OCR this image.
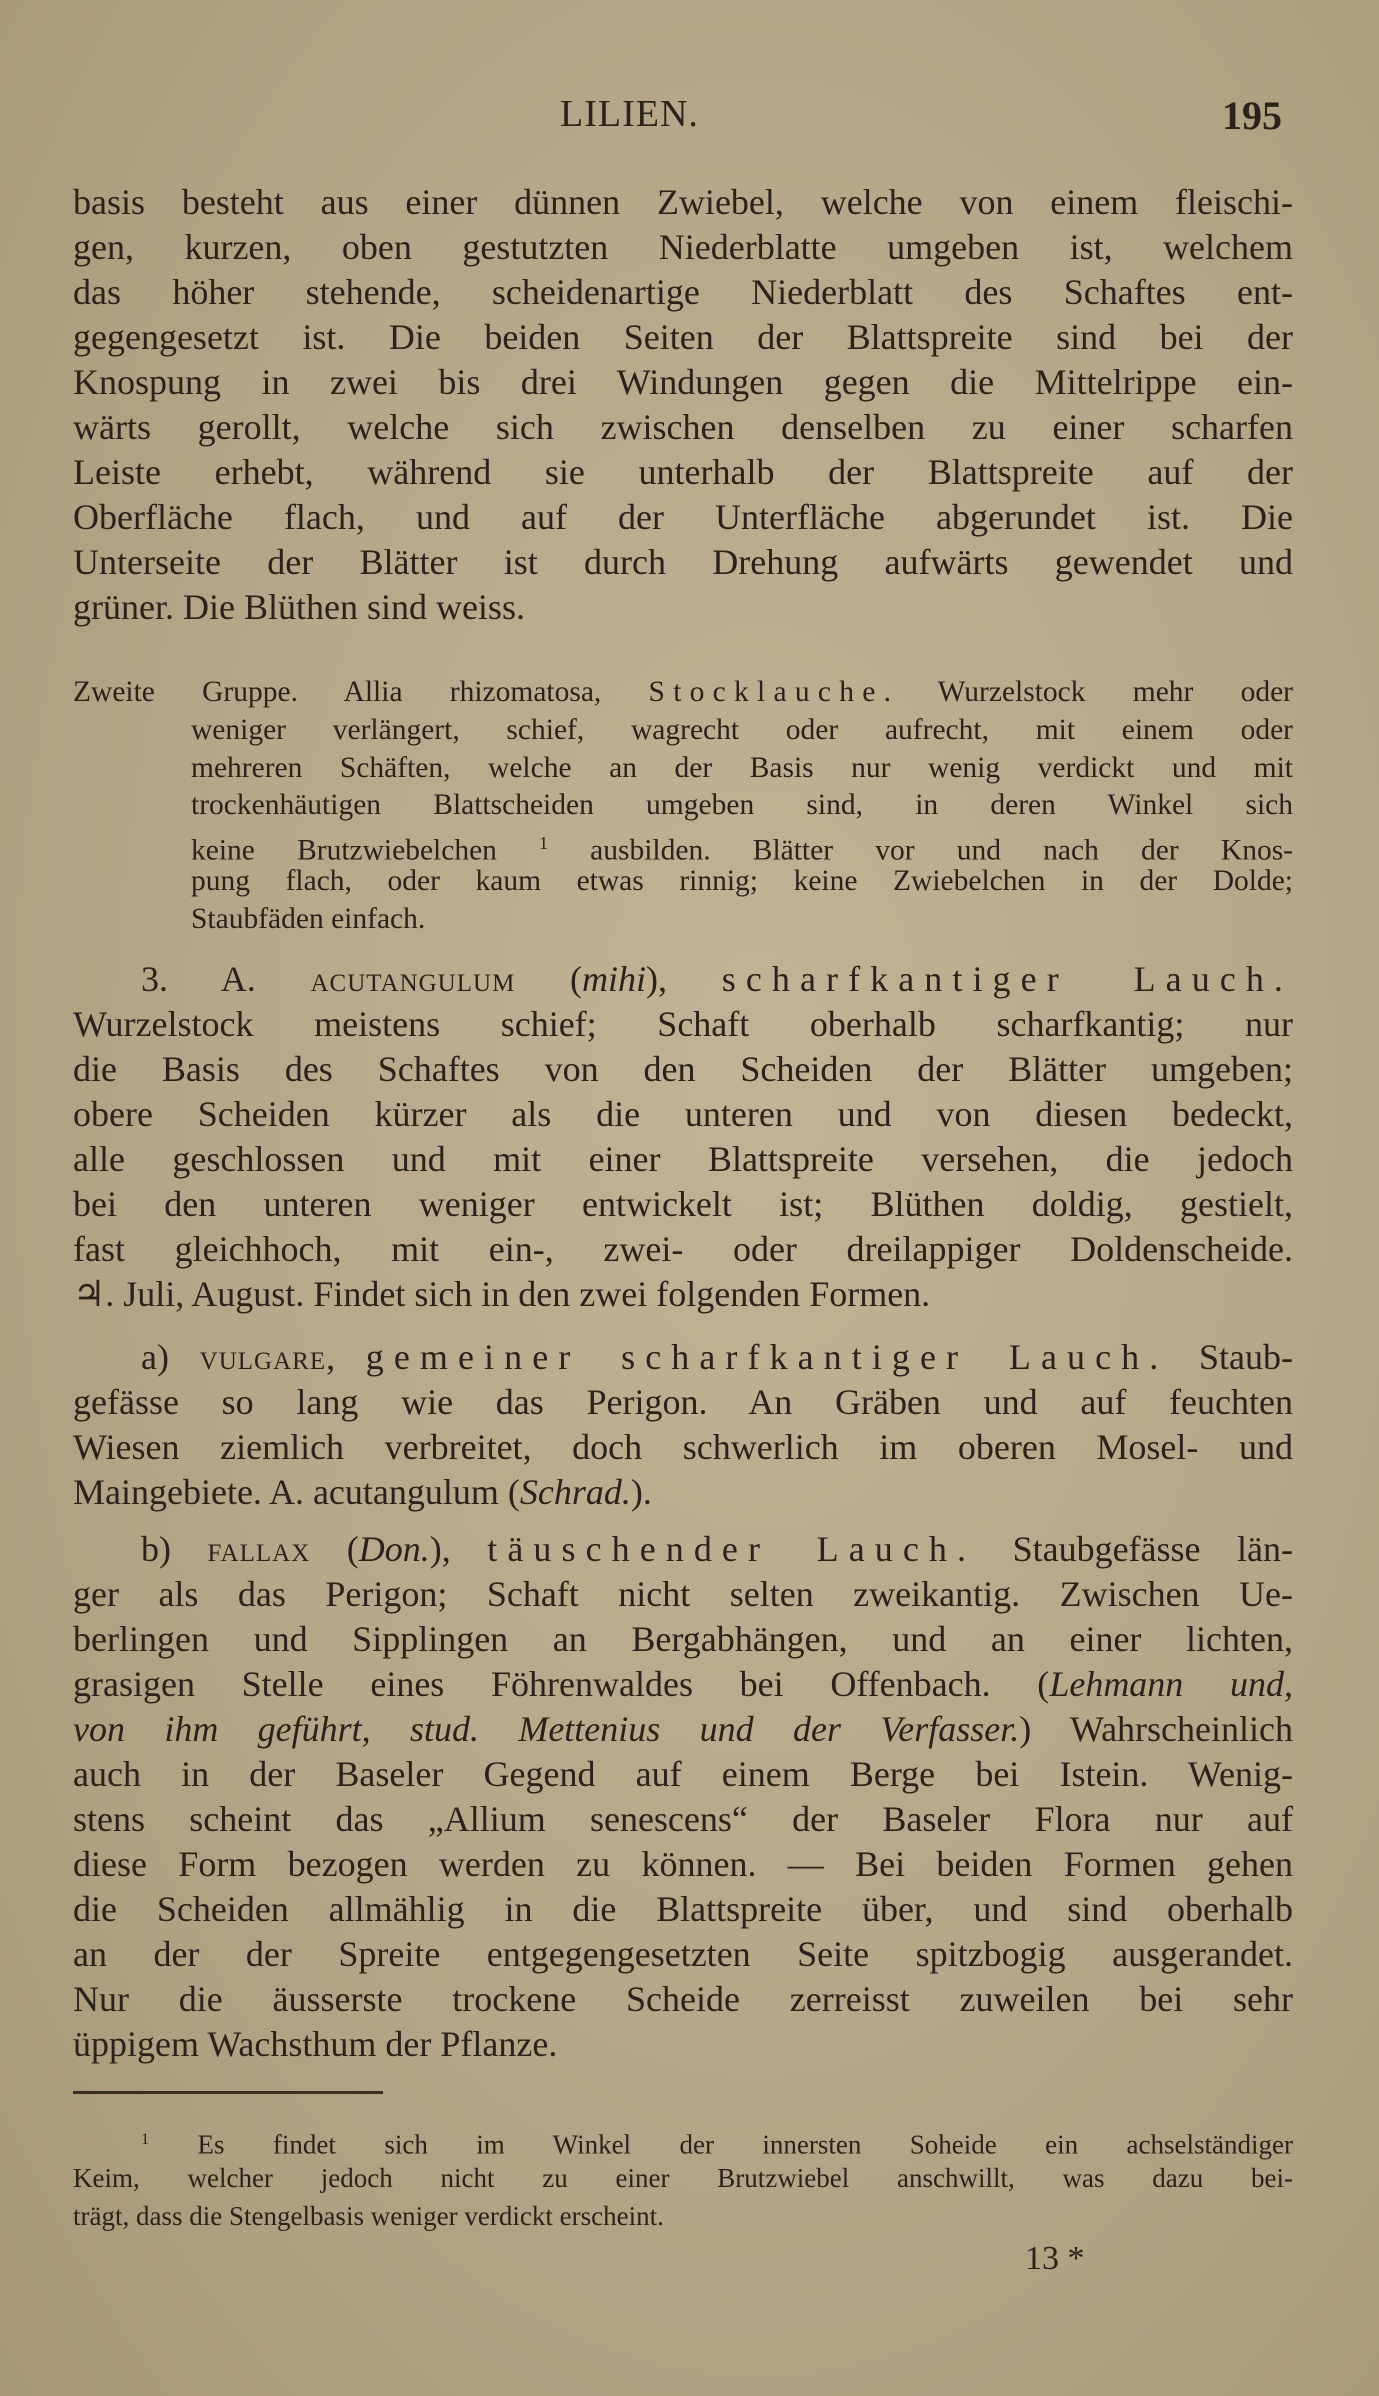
LILIEN.	195
basis besteht aus einer dünnen Zwiebel, welche von einem fleischi-
gen, kurzen, oben gestutzten Niederblatte umgeben ist, welchem
das höher stehende, scheidenartige Niederblatt des Schaftes ent-
gegengesetzt ist. Die beiden Seiten der Blattspreite sind bei der
Knospung in zwei bis drei Windungen gegen die Mittelrippe ein-
wärts gerollt, welche sich zwischen denselben zu einer scharfen
Leiste erhebt, während sie unterhalb der Blattspreite auf der
Oberfläche flach, und auf der Unterfläche abgerundet ist. Die
Unterseite der Blätter ist durch Drehung aufwärts gewendet und
grüner. Die Blüthen sind weiss.
Zweite Gruppe. Allia rhizomatosa, Stocklauche. Wurzelstock mehr oder
weniger verlängert, schief, wagrecht oder aufrecht, mit einem oder
mehreren Schäften, welche an der Basis nur wenig verdickt und mit
trockenhäutigen Blattscheiden umgeben sind, in deren Winkel sich
keine Brutzwiebelchen $^1$ ausbilden. Blätter vor und nach der Knos-
pung flach, oder kaum etwas rinnig; keine Zwiebelchen in der Dolde;
Staubfäden einfach.
3. A. acutangulum (mihi), scharfkantiger Lauch.
Wurzelstock meistens schief; Schaft oberhalb scharfkantig; nur
die Basis des Schaftes von den Scheiden der Blätter umgeben;
obere Scheiden kürzer als die unteren und von diesen bedeckt,
alle geschlossen und mit einer Blattspreite versehen, die jedoch
bei den unteren weniger entwickelt ist; Blüthen doldig, gestielt,
fast gleichhoch, mit ein-, zwei- oder dreilappiger Doldenscheide.
♃. Juli, August. Findet sich in den zwei folgenden Formen.
a) vulgare, gemeiner scharfkantiger Lauch. Staub-
gefässe so lang wie das Perigon. An Gräben und auf feuchten
Wiesen ziemlich verbreitet, doch schwerlich im oberen Mosel- und
Maingebiete. A. acutangulum (Schrad.).
b) fallax (Don.), täuschender Lauch. Staubgefässe län-
ger als das Perigon; Schaft nicht selten zweikantig. Zwischen Ue-
berlingen und Sipplingen an Bergabhängen, und an einer lichten,
grasigen Stelle eines Föhrenwaldes bei Offenbach. (Lehmann und,
von ihm geführt, stud. Mettenius und der Verfasser.) Wahrscheinlich
auch in der Baseler Gegend auf einem Berge bei Istein. Wenig-
stens scheint das „Allium senescens“ der Baseler Flora nur auf
diese Form bezogen werden zu können. — Bei beiden Formen gehen
die Scheiden allmählig in die Blattspreite über, und sind oberhalb
an der der Spreite entgegengesetzten Seite spitzbogig ausgerandet.
Nur die äusserste trockene Scheide zerreisst zuweilen bei sehr
üppigem Wachsthum der Pflanze.
$^1$ Es findet sich im Winkel der innersten Soheide ein achselständiger
Keim, welcher jedoch nicht zu einer Brutzwiebel anschwillt, was dazu bei-
trägt, dass die Stengelbasis weniger verdickt erscheint.
13 *
